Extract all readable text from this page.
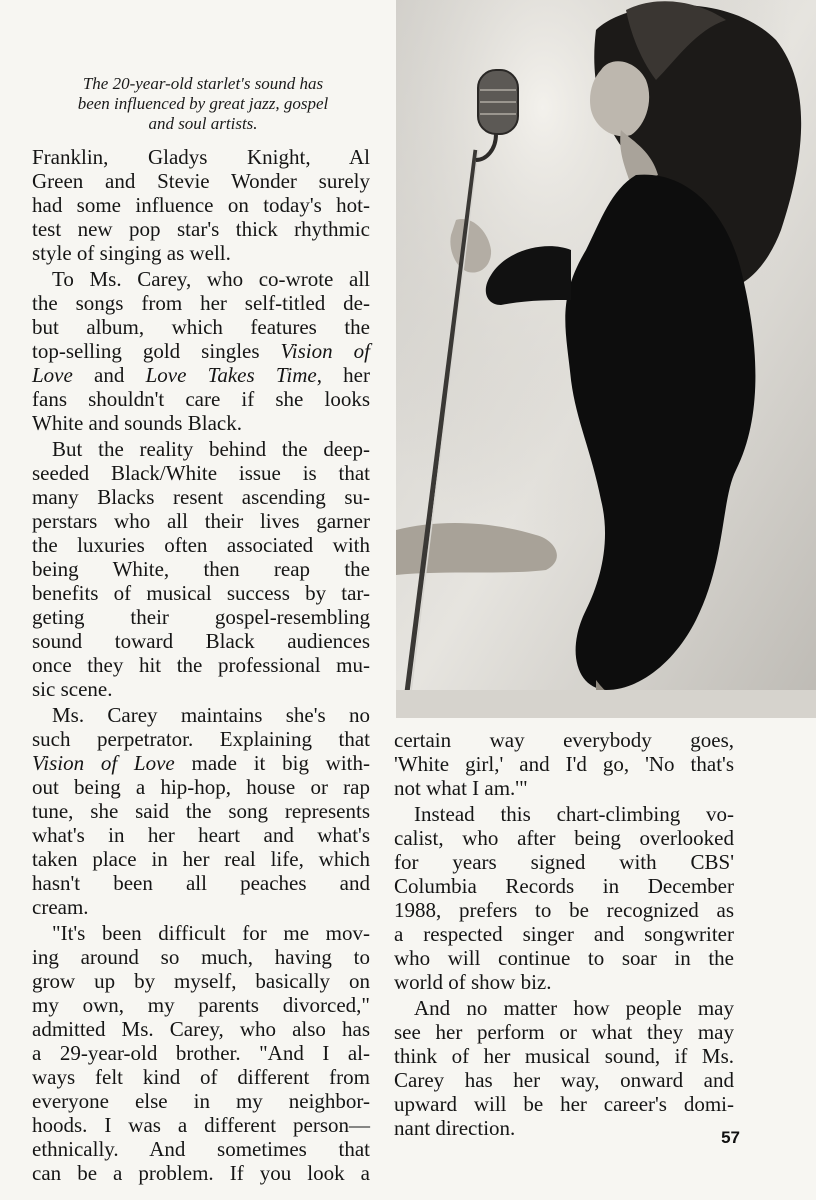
The 20-year-old starlet's sound has
been influenced by great jazz, gospel
and soul artists.
Franklin, Gladys Knight, Al
Green and Stevie Wonder surely
had some influence on today's hot-
test new pop star's thick rhythmic
style of singing as well.
To Ms. Carey, who co-wrote all
the songs from her self-titled de-
but album, which features the
top-selling gold singles Vision of
Love and Love Takes Time, her
fans shouldn't care if she looks
White and sounds Black.
But the reality behind the deep-
seeded Black/White issue is that
many Blacks resent ascending su-
perstars who all their lives garner
the luxuries often associated with
being White, then reap the
benefits of musical success by tar-
geting their gospel-resembling
sound toward Black audiences
once they hit the professional mu-
sic scene.
Ms. Carey maintains she's no
such perpetrator. Explaining that
Vision of Love made it big with-
out being a hip-hop, house or rap
tune, she said the song represents
what's in her heart and what's
taken place in her real life, which
hasn't been all peaches and
cream.
"It's been difficult for me mov-
ing around so much, having to
grow up by myself, basically on
my own, my parents divorced,"
admitted Ms. Carey, who also has
a 29-year-old brother. "And I al-
ways felt kind of different from
everyone else in my neighbor-
hoods. I was a different person—
ethnically. And sometimes that
can be a problem. If you look a
certain way everybody goes,
'White girl,' and I'd go, 'No that's
not what I am.'"
Instead this chart-climbing vo-
calist, who after being overlooked
for years signed with CBS'
Columbia Records in December
1988, prefers to be recognized as
a respected singer and songwriter
who will continue to soar in the
world of show biz.
And no matter how people may
see her perform or what they may
think of her musical sound, if Ms.
Carey has her way, onward and
upward will be her career's domi-
nant direction.	57
